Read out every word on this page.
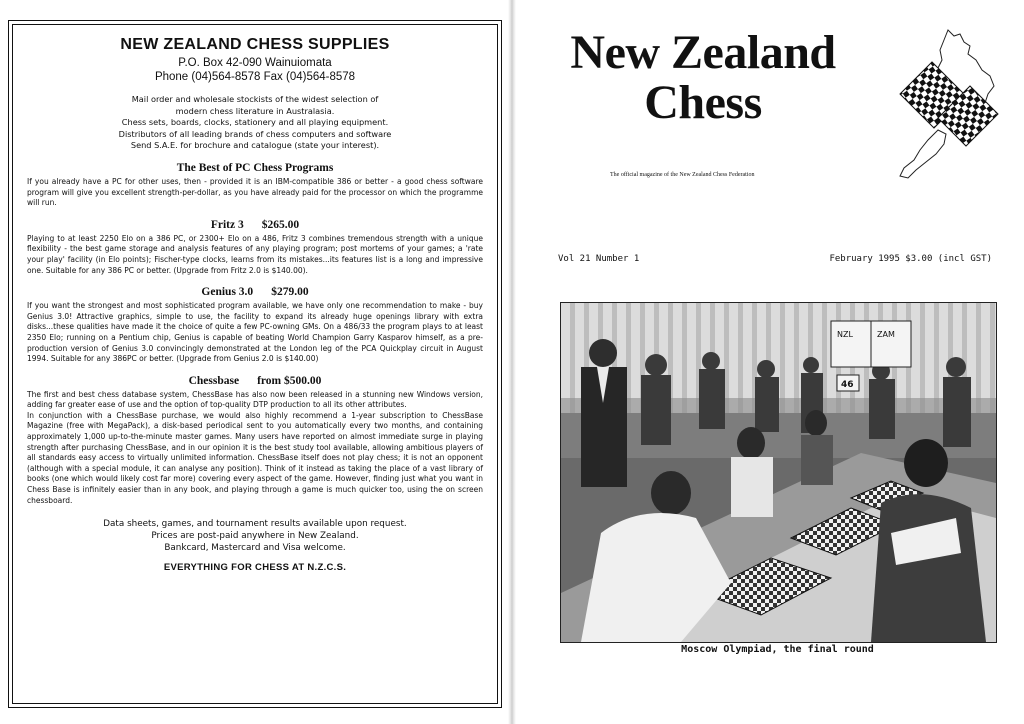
NEW ZEALAND CHESS SUPPLIES
P.O. Box 42-090 Wainuiomata
Phone (04)564-8578 Fax (04)564-8578
Mail order and wholesale stockists of the widest selection of
modern chess literature in Australasia.
Chess sets, boards, clocks, stationery and all playing equipment.
Distributors of all leading brands of chess computers and software
Send S.A.E. for brochure and catalogue (state your interest).
The Best of PC Chess Programs

If you already have a PC for other uses, then - provided it is an IBM-compatible 386 or better - a good chess software program will give you excellent strength-per-dollar, as you have already paid for the processor on which the programme will run.

Fritz 3 $265.00

Playing to at least 2250 Elo on a 386 PC, or 2300+ Elo on a 486, Fritz 3 combines tremendous strength with a unique flexibility - the best game storage and analysis features of any playing program; post mortems of your games; a 'rate your play' facility (in Elo points); Fischer-type clocks, learns from its mistakes...its features list is a long and impressive one. Suitable for any 386 PC or better. (Upgrade from Fritz 2.0 is $140.00).

Genius 3.0 $279.00

If you want the strongest and most sophisticated program available, we have only one recommendation to make - buy Genius 3.0! Attractive graphics, simple to use, the facility to expand its already huge openings library with extra disks...these qualities have made it the choice of quite a few PC-owning GMs. On a 486/33 the program plays to at least 2350 Elo; running on a Pentium chip, Genius is capable of beating World Champion Garry Kasparov himself, as a pre-production version of Genius 3.0 convincingly demonstrated at the London leg of the PCA Quickplay circuit in August 1994. Suitable for any 386PC or better. (Upgrade from Genius 2.0 is $140.00)

Chessbase from $500.00

The first and best chess database system, ChessBase has also now been released in a stunning new Windows version, adding far greater ease of use and the option of top-quality DTP production to all its other attributes.

In conjunction with a ChessBase purchase, we would also highly recommend a 1-year subscription to ChessBase Magazine (free with MegaPack), a disk-based periodical sent to you automatically every two months, and containing approximately 1,000 up-to-the-minute master games. Many users have reported on almost immediate surge in playing strength after purchasing ChessBase, and in our opinion it is the best study tool available, allowing ambitious players of all standards easy access to virtually unlimited information. ChessBase itself does not play chess; it is not an opponent (although with a special module, it can analyse any position). Think of it instead as taking the place of a vast library of books (one which would likely cost far more) covering every aspect of the game. However, finding just what you want in Chess Base is infinitely easier than in any book, and playing through a game is much quicker too, using the on screen chessboard.

Data sheets, games, and tournament results available upon request.
Prices are post-paid anywhere in New Zealand.
Bankcard, Mastercard and Visa welcome.
EVERYTHING FOR CHESS AT N.Z.C.S.
New Zealand
Chess
The official magazine of the New Zealand Chess Federation
Vol 21 Number 1	February 1995 $3.00 (incl GST)
NZL	ZAM
46
Moscow Olympiad, the final round
